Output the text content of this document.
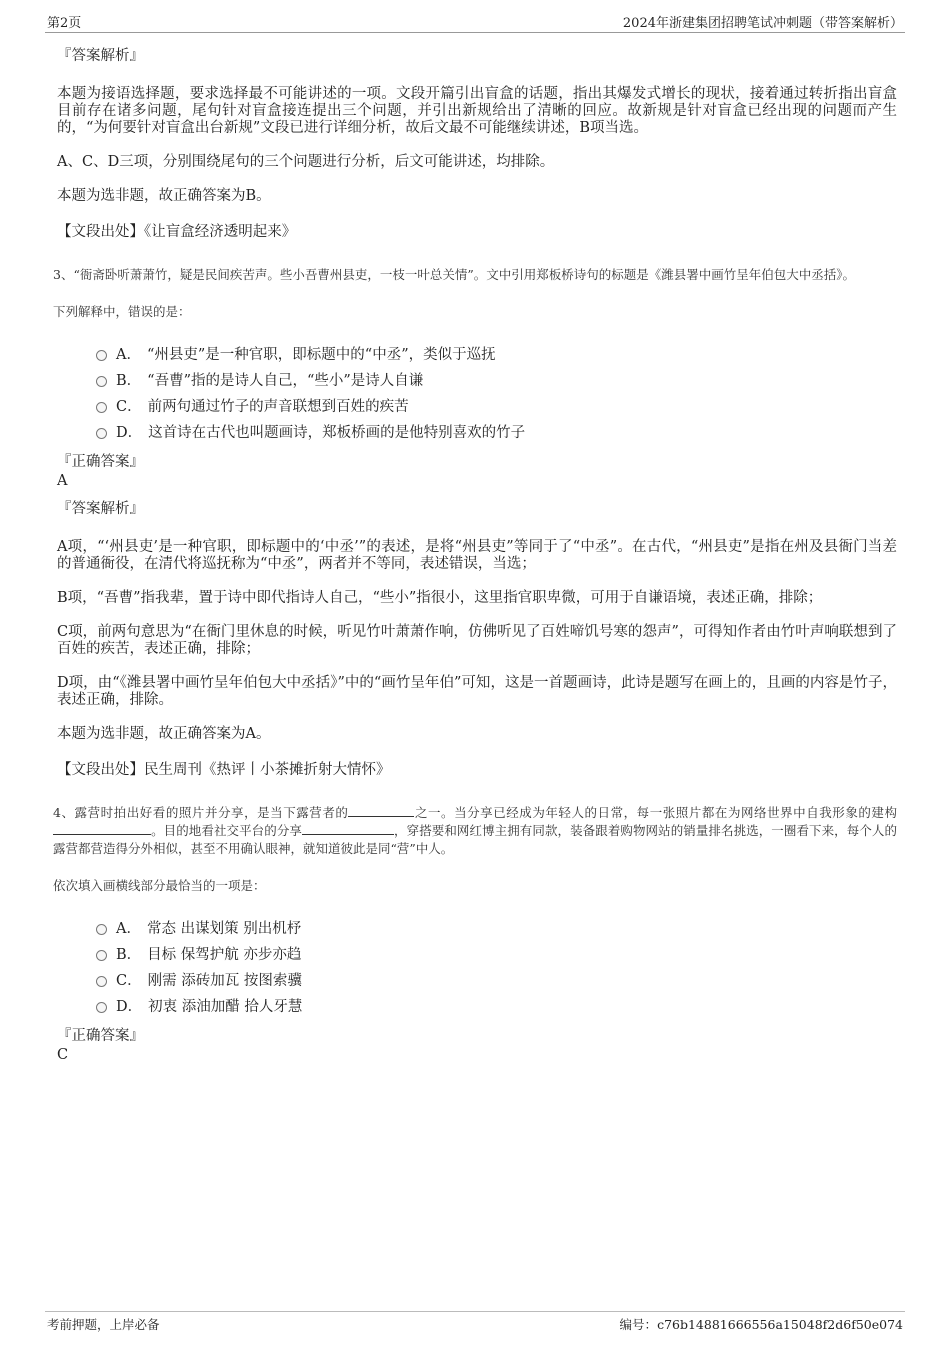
第2页	2024年浙建集团招聘笔试冲刺题（带答案解析）
『答案解析』

本题为接语选择题，要求选择最不可能讲述的一项。文段开篇引出盲盒的话题，指出其爆发式增长的现状，接着通过转折指出盲盒目前存在诸多问题，尾句针对盲盒接连提出三个问题，并引出新规给出了清晰的回应。故新规是针对盲盒已经出现的问题而产生的，“为何要针对盲盒出台新规”文段已进行详细分析，故后文最不可能继续讲述，B项当选。

A、C、D三项，分别围绕尾句的三个问题进行分析，后文可能讲述，均排除。

本题为选非题，故正确答案为B。

【文段出处】《让盲盒经济透明起来》

3、“衙斋卧听萧萧竹，疑是民间疾苦声。些小吾曹州县吏，一枝一叶总关情”。文中引用郑板桥诗句的标题是《潍县署中画竹呈年伯包大中丞括》。

下列解释中，错误的是：
A． “州县吏”是一种官职，即标题中的“中丞”，类似于巡抚
B． “吾曹”指的是诗人自己，“些小”是诗人自谦
C． 前两句通过竹子的声音联想到百姓的疾苦
D． 这首诗在古代也叫题画诗，郑板桥画的是他特别喜欢的竹子
『正确答案』
A
『答案解析』

A项，“‘州县吏’是一种官职，即标题中的‘中丞’”的表述，是将“州县吏”等同于了“中丞”。在古代，“州县吏”是指在州及县衙门当差的普通衙役，在清代将巡抚称为“中丞”，两者并不等同，表述错误，当选；

B项，“吾曹”指我辈，置于诗中即代指诗人自己，“些小”指很小，这里指官职卑微，可用于自谦语境，表述正确，排除；

C项，前两句意思为“在衙门里休息的时候，听见竹叶萧萧作响，仿佛听见了百姓啼饥号寒的怨声”，可得知作者由竹叶声响联想到了百姓的疾苦，表述正确，排除；

D项，由“《潍县署中画竹呈年伯包大中丞括》”中的“画竹呈年伯”可知，这是一首题画诗，此诗是题写在画上的，且画的内容是竹子，表述正确，排除。

本题为选非题，故正确答案为A。

【文段出处】民生周刊《热评丨小茶摊折射大情怀》

4、露营时拍出好看的照片并分享，是当下露营者的	之一。当分享已经成为年轻人的日常，每一张照片都在为网络世界中自我形象的建构。目的地看社交平台的分享	，穿搭要和网红博主拥有同款，装备跟着购物网站的销量排名挑选，一圈看下来，每个人的露营都营造得分外相似，甚至不用确认眼神，就知道彼此是同“营”中人。

依次填入画横线部分最恰当的一项是：
A． 常态 出谋划策 别出机杼
B． 目标 保驾护航 亦步亦趋
C． 刚需 添砖加瓦 按图索骥
D． 初衷 添油加醋 拾人牙慧
『正确答案』
C
考前押题，上岸必备	编号：c76b14881666556a15048f2d6f50e074
